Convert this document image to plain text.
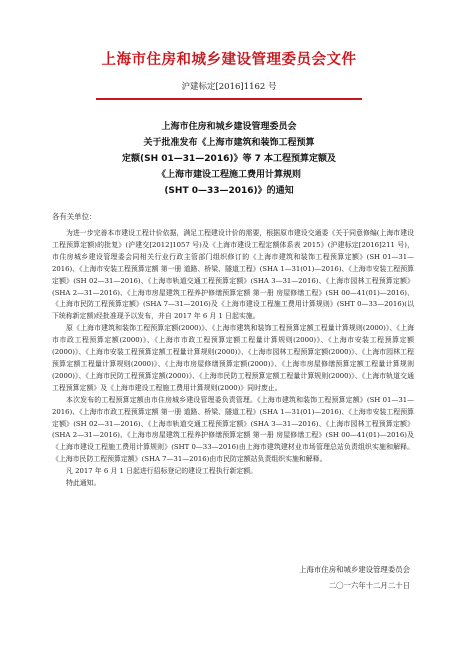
上海市住房和城乡建设管理委员会文件
沪建标定[2016]1162 号
上海市住房和城乡建设管理委员会
关于批准发布《上海市建筑和装饰工程预算
定额(SH 01—31—2016)》等 7 本工程预算定额及
《上海市建设工程施工费用计算规则
(SHT 0—33—2016)》的通知
各有关单位：

为进一步完善本市建设工程计价依据，满足工程建设计价的需要，根据原市建设交通委《关于同意修编(上海市建设工程预算定额)的批复》(沪建交[2012]1057 号)及《上海市建设工程定额体系表 2015》(沪建标定[2016]211 号)，市住房城乡建设管理委会同相关行业行政主管部门组织修订的《上海市建筑和装饰工程预算定额》(SH 01—31—2016)、《上海市安装工程预算定额 第一册 道路、桥梁、隧道工程》(SHA 1—31(01)—2016)、《上海市安装工程预算定额》(SH 02—31—2016)、《上海市轨道交通工程预算定额》(SHA 3—31—2016)、《上海市园林工程预算定额》(SHA 2—31—2016)、《上海市房屋建筑工程养护修缮预算定额 第一册 房屋修缮工程》(SH 00—41(01)—2016)、《上海市民防工程预算定额》(SHA 7—31—2016)及《上海市建设工程施工费用计算规则》(SHT 0—33—2016)(以下统称新定额)经批准现予以发布，并自 2017 年 6 月 1 日起实施。

原《上海市建筑和装饰工程预算定额(2000)》、《上海市建筑和装饰工程预算定额工程量计算规则(2000)》、《上海市市政工程预算定额(2000)》、《上海市市政工程预算定额工程量计算规则(2000)》、《上海市安装工程预算定额(2000)》、《上海市安装工程预算定额工程量计算规则(2000)》、《上海市园林工程预算定额(2000)》、《上海市园林工程预算定额工程量计算规则(2000)》、《上海市房屋修缮预算定额(2000)》、《上海市房屋修缮预算定额工程量计算规则(2000)》、《上海市民防工程预算定额(2000)》、《上海市民防工程预算定额工程量计算规则(2000)》、《上海市轨道交通工程预算定额》及《上海市建设工程施工费用计算规则(2000)》同时废止。

本次发布的工程预算定额由市住房城乡建设管理委负责管理。《上海市建筑和装饰工程预算定额》(SH 01—31—2016)、《上海市市政工程预算定额 第一册 道路、桥梁、隧道工程》(SHA 1—31(01)—2016)、《上海市安装工程预算定额》(SH 02—31—2016)、《上海市轨道交通工程预算定额》(SHA 3—31—2016)、《上海市园林工程预算定额》(SHA 2—31—2016)、《上海市房屋建筑工程养护修缮预算定额 第一册 房屋修缮工程》(SH 00—41(01)—2016)及《上海市建设工程施工费用计算规则》(SHT 0—33—2016)由上海市建筑建材业市场管理总站负责组织实施和解释。《上海市民防工程预算定额》(SHA 7—31—2016)由市民防定额站负责组织实施和解释。

凡 2017 年 6 月 1 日起进行招标登记的建设工程执行新定额。

特此通知。

上海市住房和城乡建设管理委员会
二〇一六年十二月二十日
